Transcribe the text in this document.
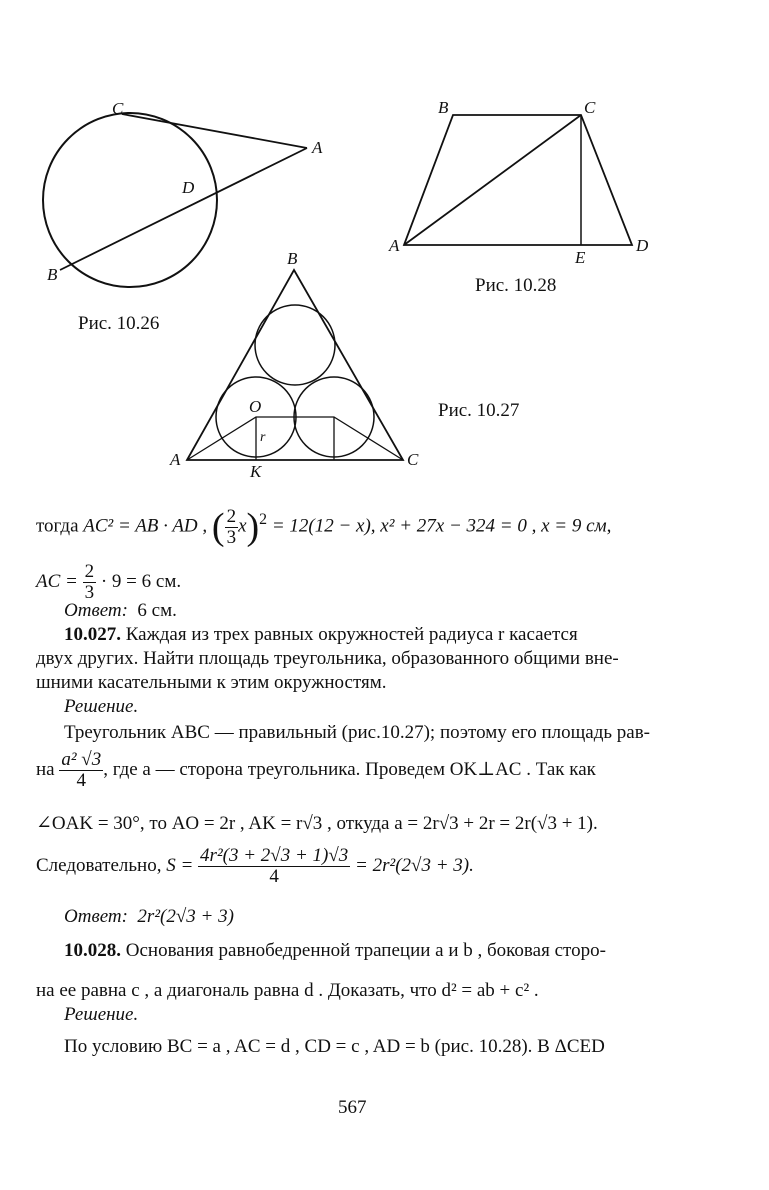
C
A
D
B
Рис. 10.26
B	C
A
E
D
Рис. 10.28
B
O
r
A
K
C
Рис. 10.27
тогда AC² = AB · AD , ( $\frac{2}{3} x)^2 = 12(12 - x)$, x² + 27x − 324 = 0 , x = 9 см,
AC = $\frac{2}{3} \cdot 9 = 6$ см.
Ответ: 6 см.
10.027. Каждая из трех равных окружностей радиуса r касается
двух других. Найти площадь треугольника, образованного общими вне-
шними касательными к этим окружностям.
Решение.
Треугольник ABC — правильный (рис.10.27); поэтому его площадь рав-
на $\frac{\text{a² √3}}{4}$ , где a — сторона треугольника. Проведем OK⊥AC . Так как
∠OAK = 30°, то AO = 2r , AK = r√3 , откуда a = 2r√3 + 2r = 2r(√3 + 1).
Следовательно, $S = \frac{\text{4r²(3 + 2√3 + 1)√3}}{4} = 2r^2(2√3 + 3)$.
Ответ: 2r²(2√3 + 3)
10.028. Основания равнобедренной трапеции a и b , боковая сторо-
на ее равна c , а диагональ равна d . Доказать, что d² = ab + c² .
Решение.
По условию BC = a , AC = d , CD = c , AD = b (рис. 10.28). В ΔCED
567
